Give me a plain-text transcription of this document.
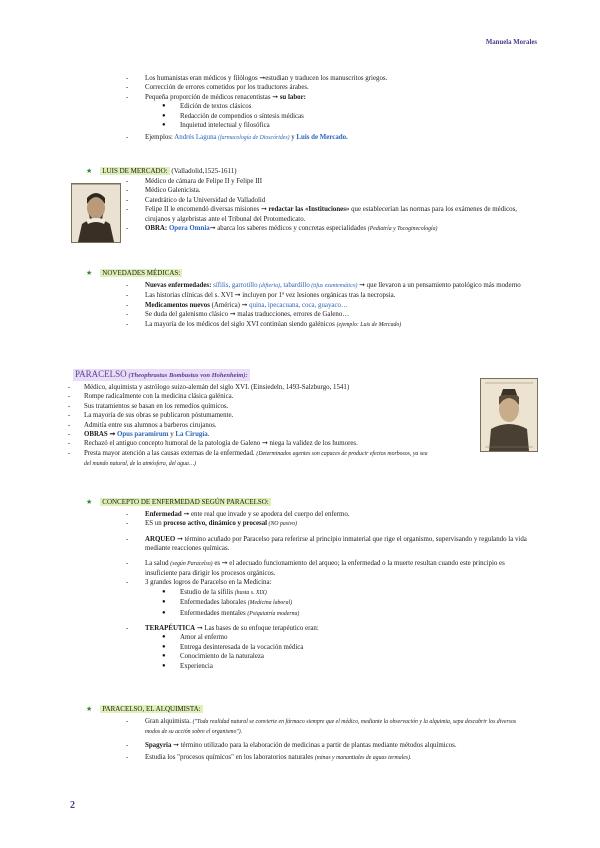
Manuela Morales
- Los humanistas eran médicos y filólogos ➞estudian y traducen los manuscritos griegos.
- Corrección de errores cometidos por los traductores árabes.
- Pequeña proporción de médicos renacentistas ➞ su labor:
● Edición de textos clásicos
● Redacción de compendios o síntesis médicas
● Inquietud intelectual y filosófica
- Ejemplos: Andrés Laguna (farmacología de Dioscórides) y Luis de Mercado.
★ LUIS DE MERCADO: (Valladolid,1525-1611)
- Médico de cámara de Felipe II y Felipe III
- Médico Galenicista.
- Catedrático de la Universidad de Valladolid
- Felipe II le encomendó diversas misiones ➞ redactar las «Instituciones» que establecerían las normas para los exámenes de médicos, cirujanos y algebristas ante el Tribunal del Protomedicato.
- OBRA: Opera Omnia➞ abarca los saberes médicos y concretas especialidades (Pediatría y Tocoginecología)
★ NOVEDADES MÉDICAS:
- Nuevas enfermedades: sífilis, garrotillo (difteria), tabardillo (tifus exantemático) ➞ que llevaron a un pensamiento patológico más moderno
- Las historias clínicas del s. XVI ➞ incluyen por 1ª vez lesiones orgánicas tras la necropsia.
- Medicamentos nuevos (América) ➞ quina, ipecacuana, coca, guayaco…
- Se duda del galenismo clásico ➞ malas traducciones, errores de Galeno…
- La mayoría de los médicos del siglo XVI continúan siendo galénicos (ejemplo: Luis de Mercado)
PARACELSO (Theophrastus Bombastus von Hohenheim):
- Médico, alquimista y astrólogo suizo-alemán del siglo XVI. (Einsiedeln, 1493-Salzburgo, 1541)
- Rompe radicalmente con la medicina clásica galénica.
- Sus tratamientos se basan en los remedios químicos.
- La mayoría de sus obras se publicaron póstumamente.
- Admitía entre sus alumnos a barberos cirujanos.
- OBRAS ➞ Opus paramirum y La Cirugía.
- Rechazó el antiguo concepto humoral de la patología de Galeno ➞ niega la validez de los humores.
- Presta mayor atención a las causas externas de la enfermedad. (Determinados agentes son capaces de producir efectos morbosos, ya sea del mundo natural, de la atmósfera, del agua…)
★ CONCEPTO DE ENFERMEDAD SEGÚN PARACELSO:
- Enfermedad ➞ ente real que invade y se apodera del cuerpo del enfermo.
- ES un proceso activo, dinámico y procesal (NO pasivo)
- ARQUEO ➞ término acuñado por Paracelso para referirse al principio inmaterial que rige el organismo, supervisando y regulando la vida mediante reacciones químicas.
- La salud (según Paracelso) es ➞ el adecuado funcionamiento del arqueo; la enfermedad o la muerte resultan cuando este principio es insuficiente para dirigir los procesos orgánicos.
- 3 grandes logros de Paracelso en la Medicina:
● Estudio de la sífilis (hasta s. XIX)
● Enfermedades laborales (Medicina laboral)
● Enfermedades mentales (Psiquiatría moderna)
- TERAPÉUTICA ➞ Las bases de su enfoque terapéutico eran:
● Amor al enfermo
● Entrega desinteresada de la vocación médica
● Conocimiento de la naturaleza
● Experiencia
★ PARACELSO, EL ALQUIMISTA:
- Gran alquimista. ("Toda realidad natural se convierte en fármaco siempre que el médico, mediante la observación y la alquimia, sepa descubrir los diversos modos de su acción sobre el organismo").
- Spagyria ➞ término utilizado para la elaboración de medicinas a partir de plantas mediante métodos alquímicos.
- Estudia los "procesos químicos" en los laboratorios naturales (minas y manantiales de aguas termales).
2
